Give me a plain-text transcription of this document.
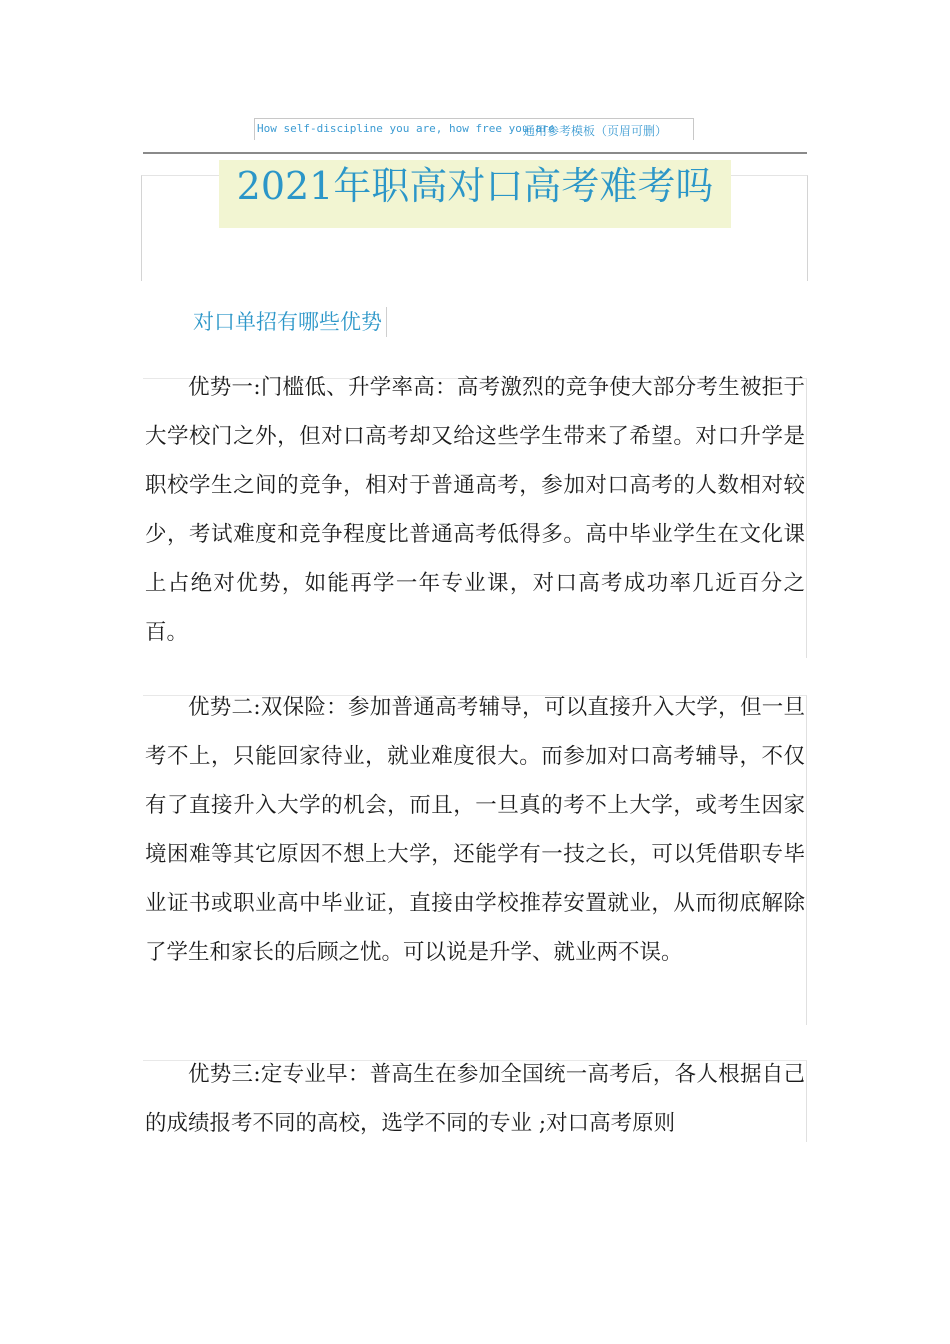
How self-discipline you are, how free you are
通用参考模板（页眉可删）
2021年职高对口高考难考吗
对口单招有哪些优势

优势一:门槛低、升学率高：高考激烈的竞争使大部分考生被拒于大学校门之外，但对口高考却又给这些学生带来了希望。对口升学是职校学生之间的竞争，相对于普通高考，参加对口高考的人数相对较少，考试难度和竞争程度比普通高考低得多。高中毕业学生在文化课上占绝对优势，如能再学一年专业课，对口高考成功率几近百分之百。

优势二:双保险：参加普通高考辅导，可以直接升入大学，但一旦考不上，只能回家待业，就业难度很大。而参加对口高考辅导，不仅有了直接升入大学的机会，而且，一旦真的考不上大学，或考生因家境困难等其它原因不想上大学，还能学有一技之长，可以凭借职专毕业证书或职业高中毕业证，直接由学校推荐安置就业，从而彻底解除了学生和家长的后顾之忧。可以说是升学、就业两不误。

优势三:定专业早：普高生在参加全国统一高考后，各人根据自己的成绩报考不同的高校，选学不同的专业 ;对口高考原则
